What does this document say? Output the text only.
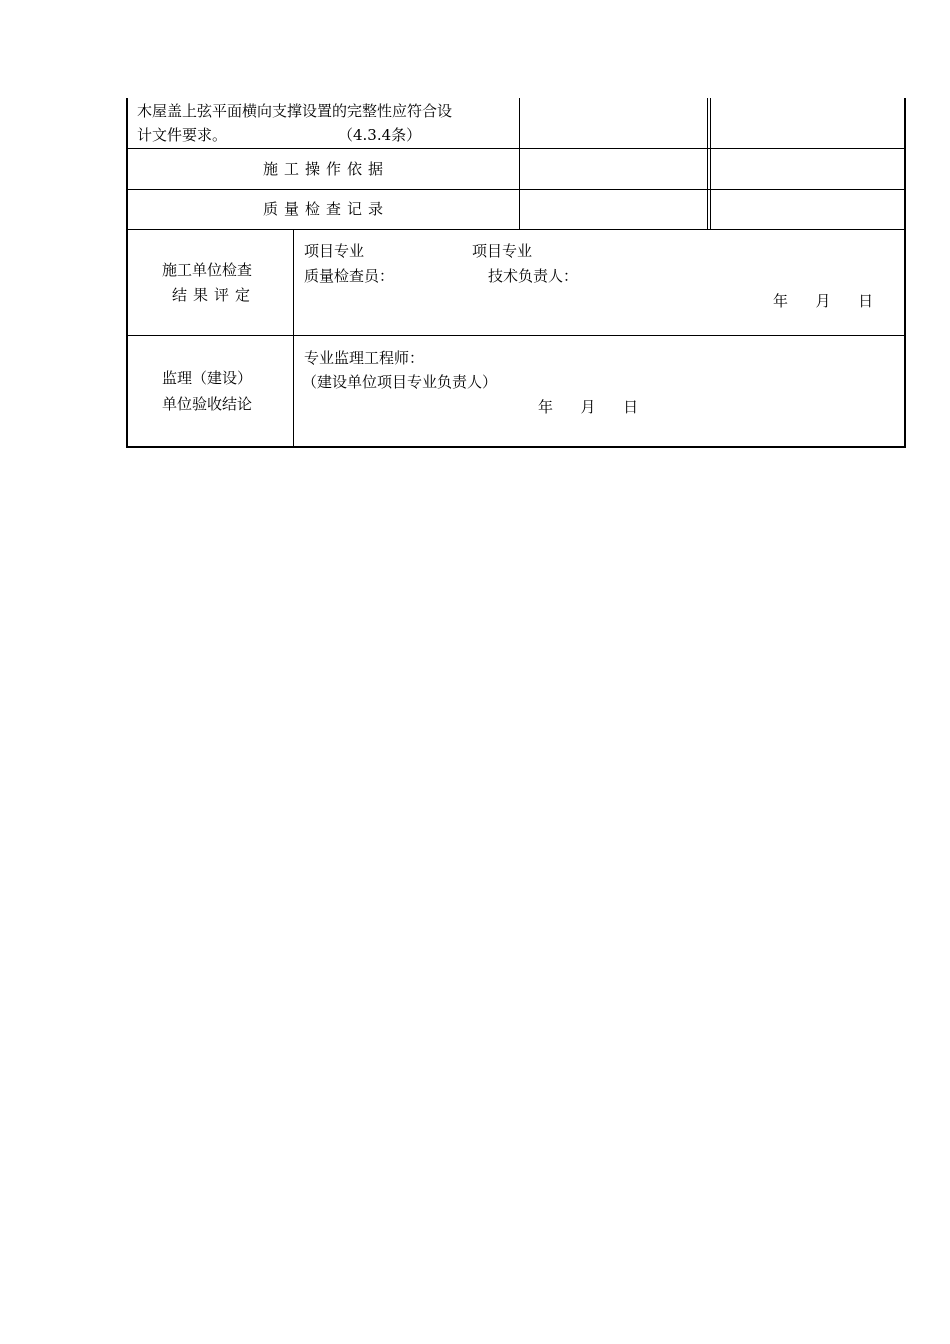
木屋盖上弦平面横向支撑设置的完整性应符合设
计文件要求。	（4.3.4条）
施工操作依据
质量检查记录
施工单位检查
结果评定
项目专业
质量检查员：
项目专业
技术负责人：
年  月  日
监理（建设）
单位验收结论
专业监理工程师：
（建设单位项目专业负责人）
年  月  日
